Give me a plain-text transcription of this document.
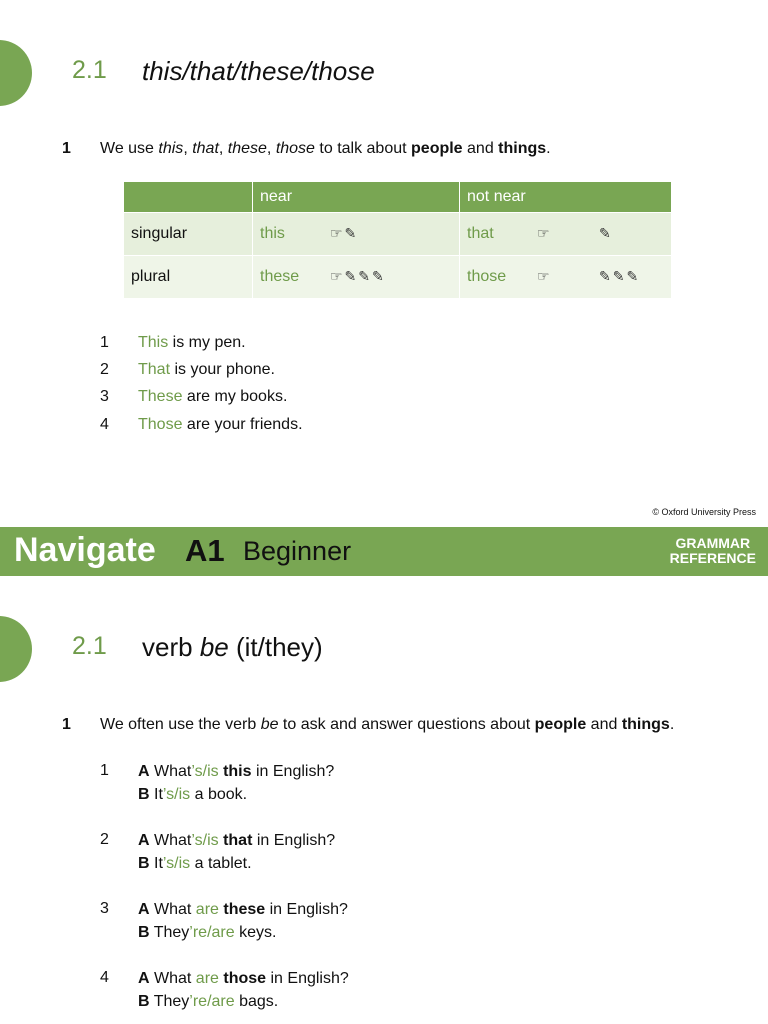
2.1 this/that/these/those
1 We use this, that, these, those to talk about people and things.
	near	not near
singular	this ☞✎	that ☞ ✎

plural	these ☞✎✎✎	those ☞ ✎✎✎
1 This is my pen.
2 That is your phone.
3 These are my books.
4 Those are your friends.
© Oxford University Press
Navigate A1 Beginner	GRAMMAR
REFERENCE
2.1 verb be (it/they)
1 We often use the verb be to ask and answer questions about people and things.
1 A What’s/is this in English?
B It’s/is a book.
2 A What’s/is that in English?
B It’s/is a tablet.
3 A What are these in English?
B They’re/are keys.
4 A What are those in English?
B They’re/are bags.
